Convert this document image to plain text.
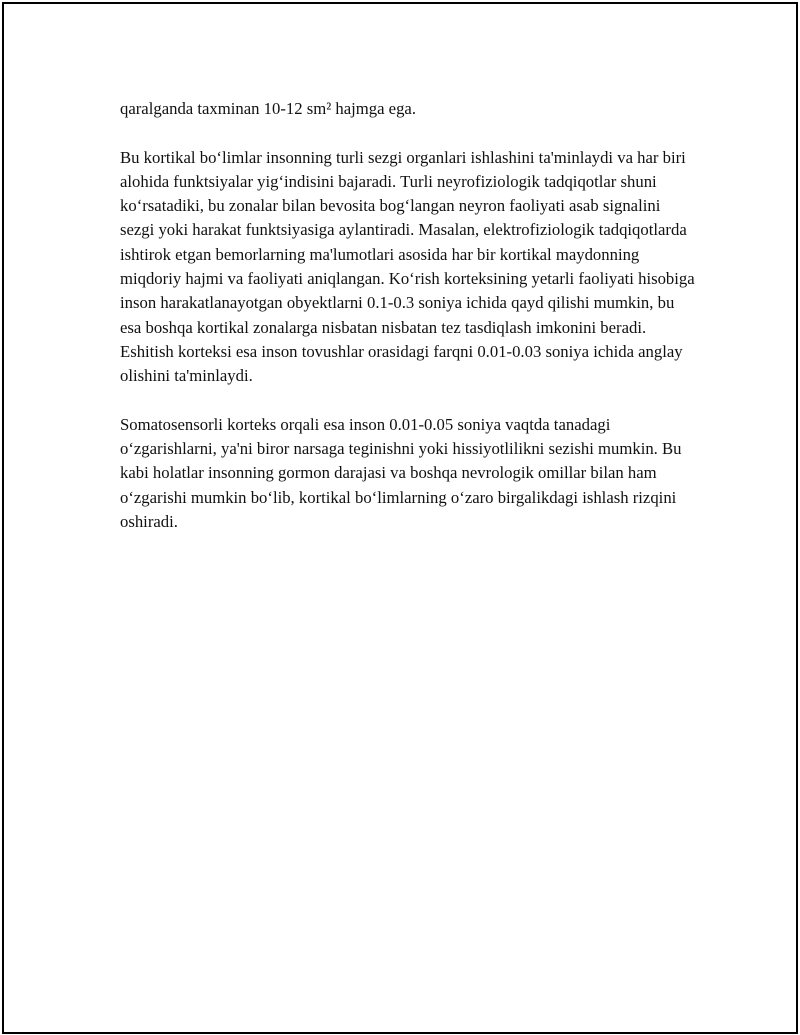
qaralganda taxminan 10-12 sm² hajmga ega.

Bu kortikal boʻlimlar insonning turli sezgi organlari ishlashini ta'minlaydi va har biri alohida funktsiyalar yigʻindisini bajaradi. Turli neyrofiziologik tadqiqotlar shuni koʻrsatadiki, bu zonalar bilan bevosita bogʻlangan neyron faoliyati asab signalini sezgi yoki harakat funktsiyasiga aylantiradi. Masalan, elektrofiziologik tadqiqotlarda ishtirok etgan bemorlarning ma'lumotlari asosida har bir kortikal maydonning miqdoriy hajmi va faoliyati aniqlangan. Koʻrish korteksining yetarli faoliyati hisobiga inson harakatlanayotgan obyektlarni 0.1-0.3 soniya ichida qayd qilishi mumkin, bu esa boshqa kortikal zonalarga nisbatan nisbatan tez tasdiqlash imkonini beradi. Eshitish korteksi esa inson tovushlar orasidagi farqni 0.01-0.03 soniya ichida anglay olishini ta'minlaydi.

Somatosensorli korteks orqali esa inson 0.01-0.05 soniya vaqtda tanadagi oʻzgarishlarni, ya'ni biror narsaga teginishni yoki hissiyotlilikni sezishi mumkin. Bu kabi holatlar insonning gormon darajasi va boshqa nevrologik omillar bilan ham oʻzgarishi mumkin boʻlib, kortikal boʻlimlarning oʻzaro birgalikdagi ishlash rizqini oshiradi.
